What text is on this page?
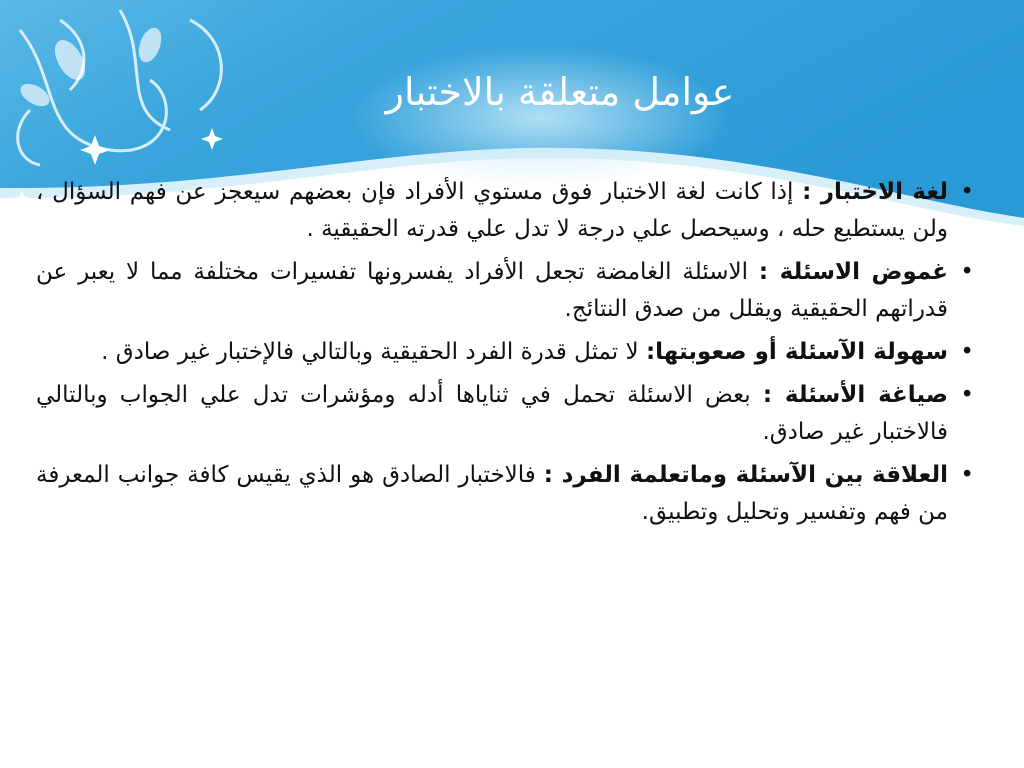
عوامل متعلقة بالاختبار
•
لغة الاختبار : إذا كانت لغة الاختبار فوق مستوي الأفراد فإن بعضهم سيعجز عن فهم السؤال ، ولن يستطيع حله ، وسيحصل علي درجة لا تدل علي قدرته الحقيقية .
•
غموض الاسئلة : الاسئلة الغامضة تجعل الأفراد يفسرونها تفسيرات مختلفة مما لا يعبر عن قدراتهم الحقيقية ويقلل من صدق النتائج.
•
سهولة الآسئلة أو صعوبتها: لا تمثل قدرة الفرد الحقيقية وبالتالي فالإختبار غير صادق .
•
صياغة الأسئلة : بعض الاسئلة تحمل في ثناياها أدله ومؤشرات تدل علي الجواب وبالتالي فالاختبار غير صادق.
•
العلاقة بين الآسئلة وماتعلمة الفرد : فالاختبار الصادق هو الذي يقيس كافة جوانب المعرفة من فهم وتفسير وتحليل وتطبيق.
